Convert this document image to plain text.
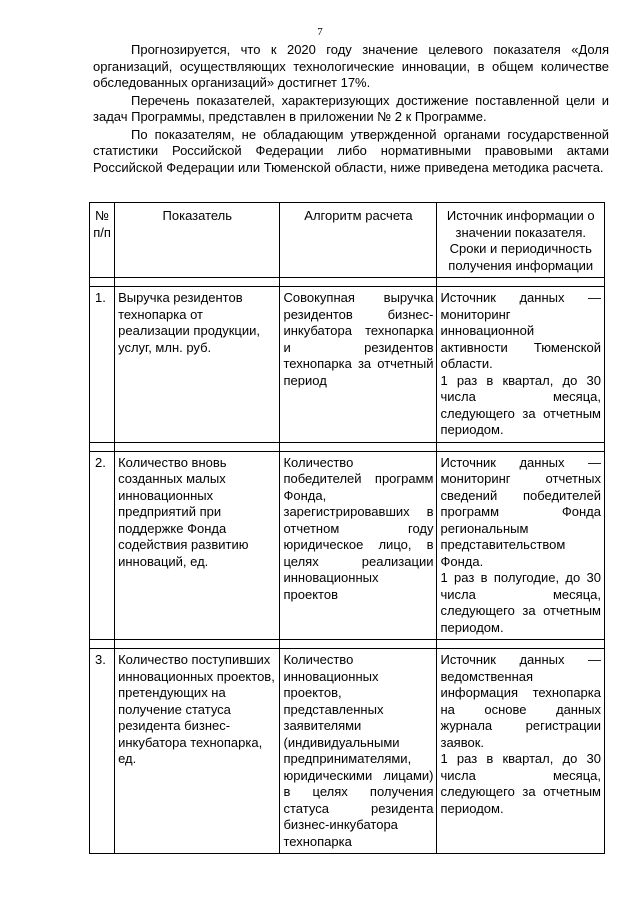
7

Прогнозируется, что к 2020 году значение целевого показателя «Доля организаций, осуществляющих технологические инновации, в общем количестве обследованных организаций» достигнет 17%.

Перечень показателей, характеризующих достижение поставленной цели и задач Программы, представлен в приложении № 2 к Программе.

По показателям, не обладающим утвержденной органами государственной статистики Российской Федерации либо нормативными правовыми актами Российской Федерации или Тюменской области, ниже приведена методика расчета.

№ п/п	Показатель	Алгоритм расчета	Источник информации о значении показателя. Сроки и периодичность получения информации

1.	Выручка резидентов технопарка от реализации продукции, услуг, млн. руб.	Совокупная выручка резидентов бизнес-инкубатора технопарка и резидентов технопарка за отчетный период	Источник данных — мониторинг инновационной активности Тюменской области.
1 раз в квартал, до 30 числа месяца, следующего за отчетным периодом.

2.	Количество вновь созданных малых инновационных предприятий при поддержке Фонда содействия развитию инноваций, ед.	Количество победителей программ Фонда, зарегистрировавших в отчетном году юридическое лицо, в целях реализации инновационных проектов	Источник данных — мониторинг отчетных сведений победителей программ Фонда региональным представительством Фонда.
1 раз в полугодие, до 30 числа месяца, следующего за отчетным периодом.

3.	Количество поступивших инновационных проектов, претендующих на получение статуса резидента бизнес-инкубатора технопарка, ед.	Количество инновационных проектов, представленных заявителями (индивидуальными предпринимателями, юридическими лицами) в целях получения статуса резидента бизнес-инкубатора технопарка	Источник данных — ведомственная информация технопарка на основе данных журнала регистрации заявок.
1 раз в квартал, до 30 числа месяца, следующего за отчетным периодом.
